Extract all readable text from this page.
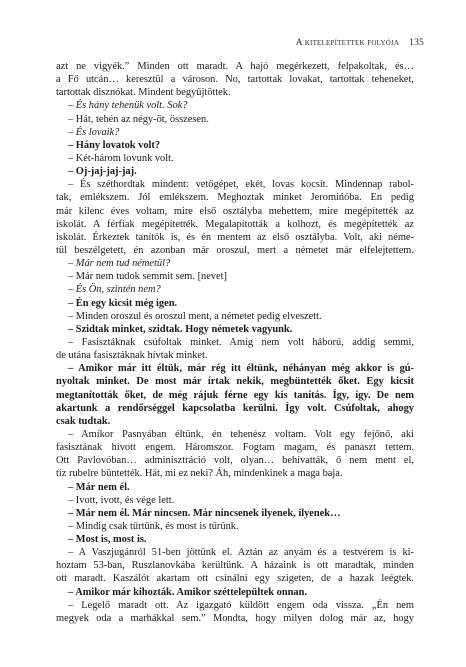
A kitelepítettek folyója 135
azt ne vigyék.” Minden ott maradt. A hajó megérkezett, felpakoltak, és…
a Fő utcán… keresztül a városon. No, tartottak lovakat, tartottak teheneket,
tartottak disznókat. Mindent begyűjtöttek.
– És hány tehenük volt. Sok?
– Hát, tehén az négy-öt, összesen.
– És lovaik?
– Hány lovatok volt?
– Két-három lovunk volt.
– Oj-jaj-jaj-jaj.
– És széthordtak mindent: vetőgépet, ekét, lovas kocsit. Mindennap rabol-
tak, emlékszem. Jól emlékszem. Meghoztak minket Jeromińóba. En pedig
már kilenc éves voltam, mire első osztályba mehettem, mire megépítették az
iskolát. A férfiak megépítették. Megalapították a kolhozt, és megépítették az
iskolát. Érkeztek tanítók is, és én mentem az első osztályba. Volt, aki néme-
tül beszélgetett, én azonban már oroszul, mert a németet már elfelejtettem.
– Már nem tud németül?
– Már nem tudok semmit sem. [nevet]
– És Ön, szintén nem?
– Én egy kicsit még igen.
– Minden oroszul és oroszul ment, a németet pedig elveszett.
– Szidtak minket, szidtak. Hogy németek vagyunk.
– Fasisztáknak csúfoltak minket. Amíg nem volt háború, addig semmi,
de utána fasisztáknak hívtak minket.
– Amikor már itt éltük, már rég itt éltünk, néhányan még akkor is gú-
nyoltak minket. De most már írtak nekik, megbüntették őket. Egy kicsit
megtanították őket, de még rájuk férne egy kis tanítás. Így, így. De nem
akartunk a rendőrséggel kapcsolatba kerülni. Így volt. Csúfoltak, ahogy
csak tudtak.
– Amikor Pasnyában éltünk, én tehenész voltam. Volt egy fejőnő, aki
fasisztának hívott engem. Háromszor. Fogtam magam, és panaszt tettem.
Ott Pavlovóban… adminisztráció volt, olyan… behívatták, ő nem ment el,
tíz rubelre büntették. Hát, mi ez neki? Áh, mindenkinek a maga baja.
– Már nem él.
– Ivott, ivott, és vége lett.
– Már nem él. Már nincsen. Már nincsenek ilyenek, ilyenek…
– Mindig csak tűrtünk, és most is tűrünk.
– Most is, most is.
– A Vaszjugánról 51-ben jöttünk el. Aztán az anyám és a testvérem is ki-
hoztam 53-ban, Ruszlanovkába kerültünk. A házaink is ott maradtak, minden
ott maradt. Kaszálót akartam ott csinálni egy szigeten, de a hazak leégtek.
– Amikor már kihozták. Amikor széttelepültek onnan.
– Legelő maradt ott. Az igazgató küldött engem oda vissza. „Én nem
megyek oda a marhákkal sem.” Mondta, hogy milyen dolog már az, hogy
